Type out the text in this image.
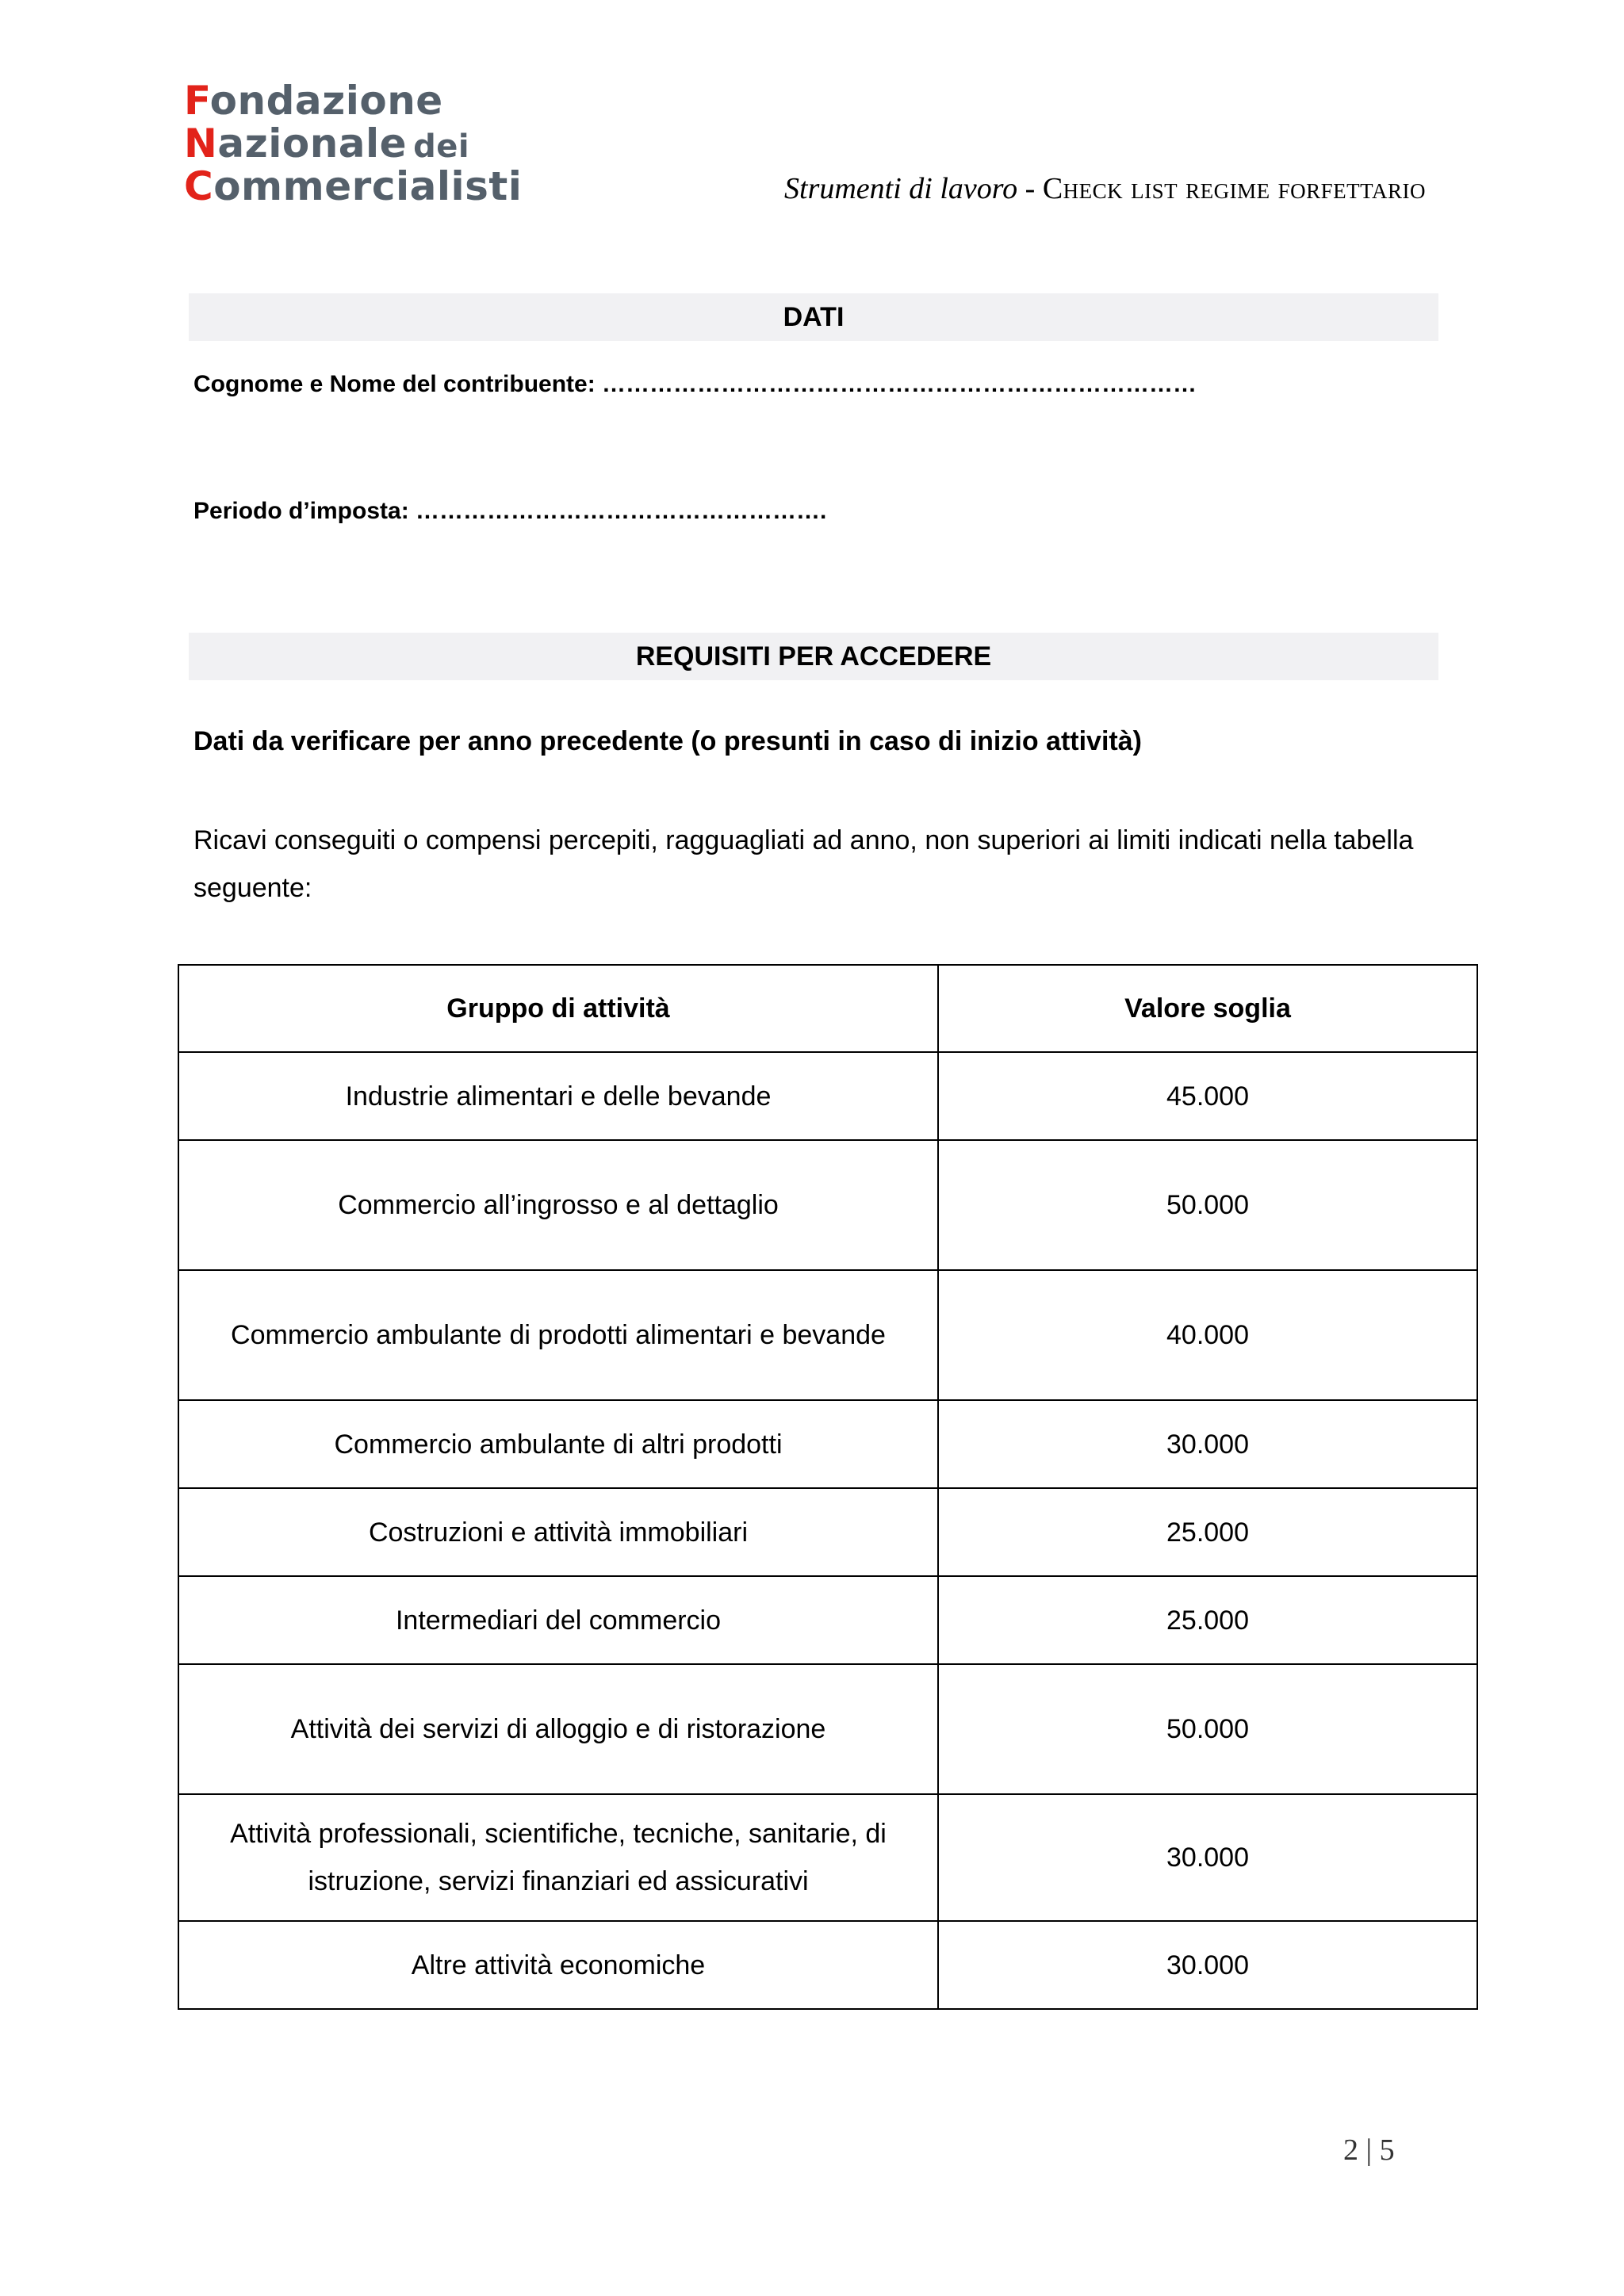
Fondazione
Nazionale dei
Commercialisti	Strumenti di lavoro - Check list regime forfettario
DATI
Cognome e Nome del contribuente: …………………………………………………………………
Periodo d’imposta: …………………………………………….
REQUISITI PER ACCEDERE
Dati da verificare per anno precedente (o presunti in caso di inizio attività)
Ricavi conseguiti o compensi percepiti, ragguagliati ad anno, non superiori ai limiti indicati nella tabella seguente:
Gruppo di attività	Valore soglia
Industrie alimentari e delle bevande	45.000
Commercio all’ingrosso e al dettaglio	50.000
Commercio ambulante di prodotti alimentari e bevande	40.000
Commercio ambulante di altri prodotti	30.000
Costruzioni e attività immobiliari	25.000
Intermediari del commercio	25.000
Attività dei servizi di alloggio e di ristorazione	50.000
Attività professionali, scientifiche, tecniche, sanitarie, di istruzione, servizi finanziari ed assicurativi	30.000
Altre attività economiche	30.000
2 | 5
